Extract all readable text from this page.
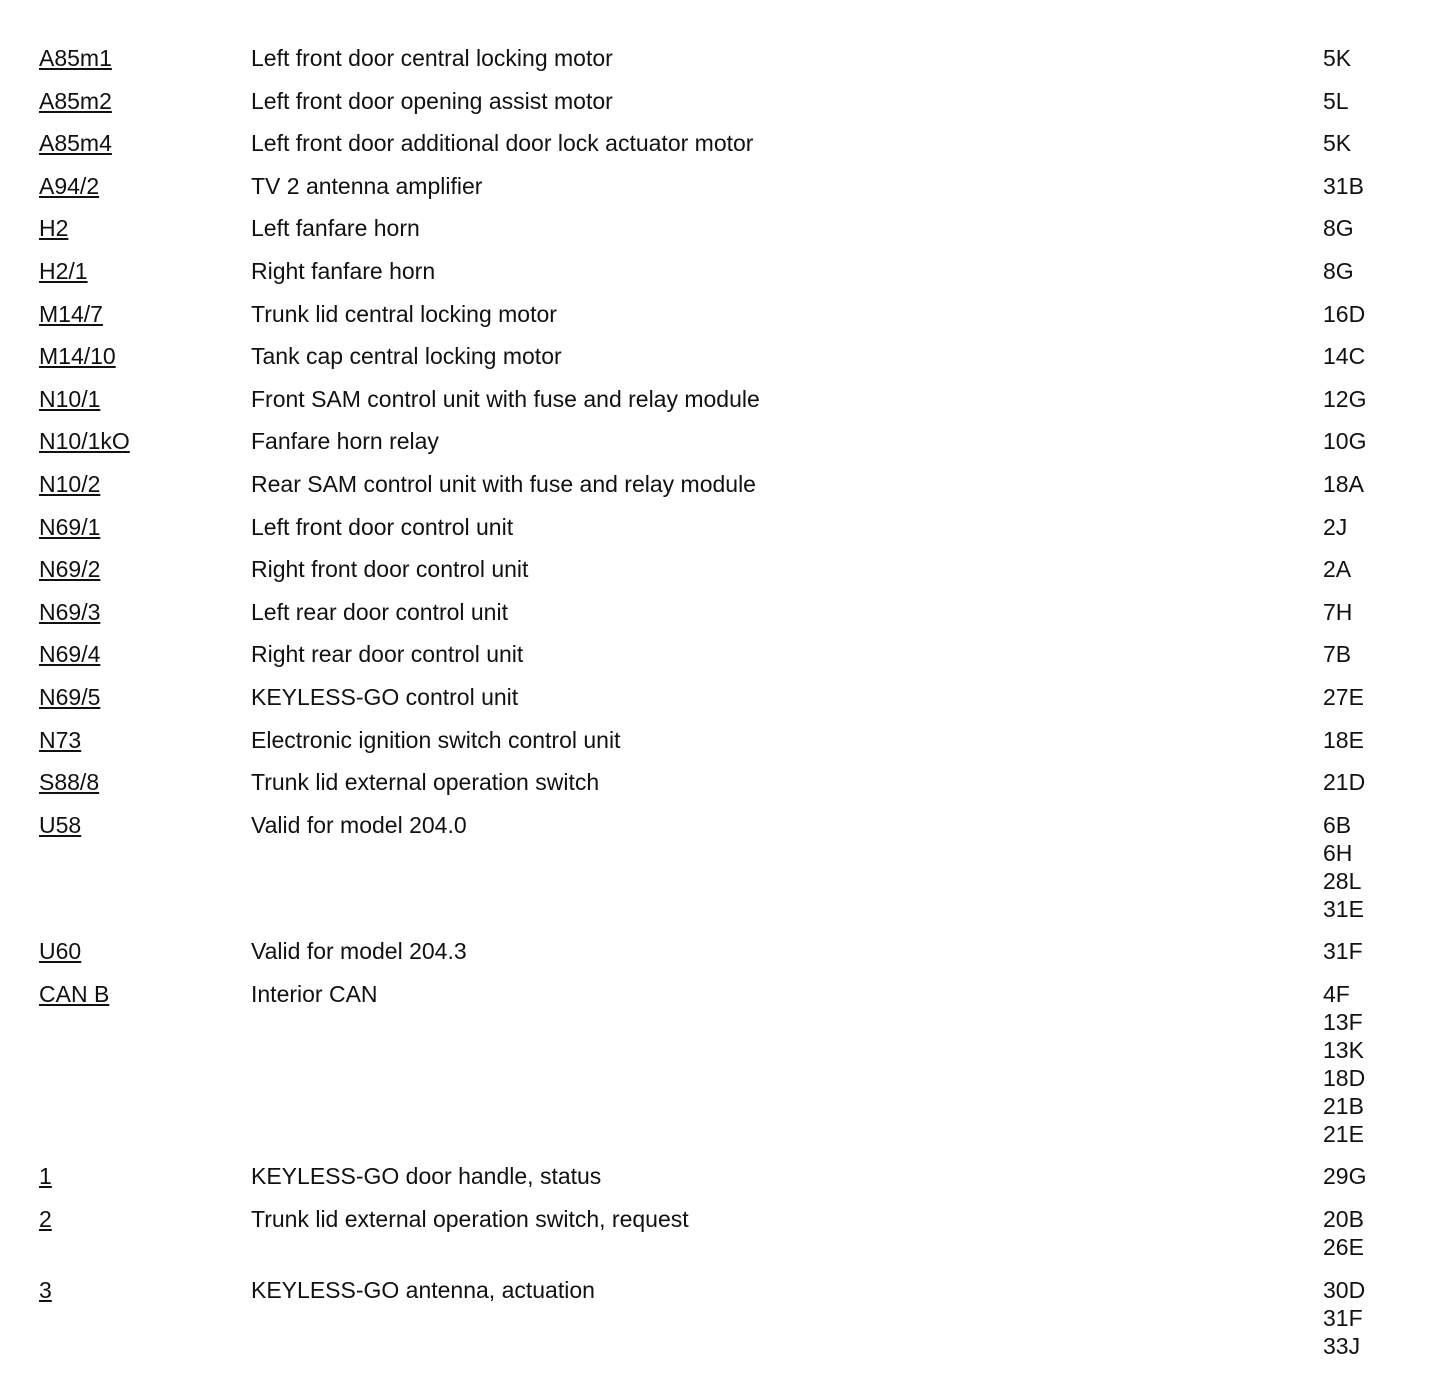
A85m1	Left front door central locking motor	5K
A85m2	Left front door opening assist motor	5L
A85m4	Left front door additional door lock actuator motor	5K
A94/2	TV 2 antenna amplifier	31B
H2	Left fanfare horn	8G
H2/1	Right fanfare horn	8G
M14/7	Trunk lid central locking motor	16D
M14/10	Tank cap central locking motor	14C
N10/1	Front SAM control unit with fuse and relay module	12G
N10/1kO	Fanfare horn relay	10G
N10/2	Rear SAM control unit with fuse and relay module	18A
N69/1	Left front door control unit	2J
N69/2	Right front door control unit	2A
N69/3	Left rear door control unit	7H
N69/4	Right rear door control unit	7B
N69/5	KEYLESS-GO control unit	27E
N73	Electronic ignition switch control unit	18E
S88/8	Trunk lid external operation switch	21D
U58	Valid for model 204.0	6B
6H
28L
31E
U60	Valid for model 204.3	31F
CAN B	Interior CAN	4F
13F
13K
18D
21B
21E
1	KEYLESS-GO door handle, status	29G
2	Trunk lid external operation switch, request	20B
26E
3	KEYLESS-GO antenna, actuation	30D
31F
33J
